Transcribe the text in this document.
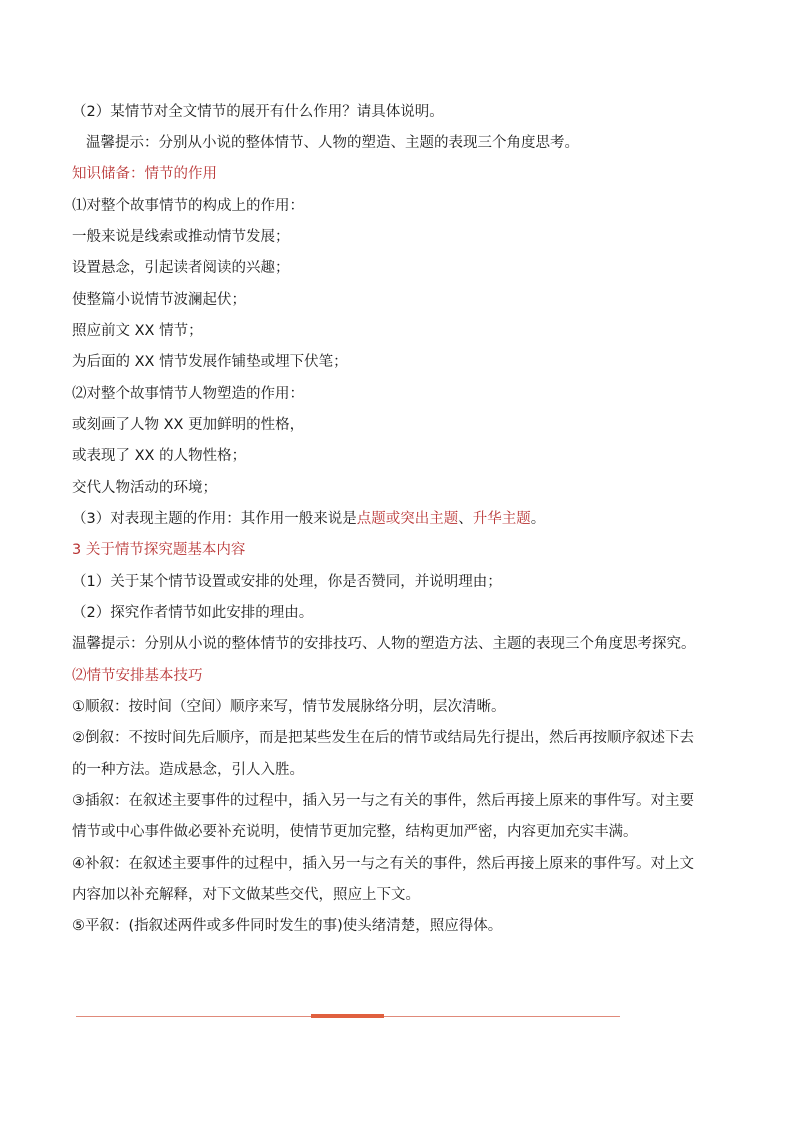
（2）某情节对全文情节的展开有什么作用？请具体说明。
温馨提示：分别从小说的整体情节、人物的塑造、主题的表现三个角度思考。
知识储备：情节的作用
⑴对整个故事情节的构成上的作用：
一般来说是线索或推动情节发展；
设置悬念，引起读者阅读的兴趣；
使整篇小说情节波澜起伏；
照应前文 XX 情节；
为后面的 XX 情节发展作铺垫或埋下伏笔；
⑵对整个故事情节人物塑造的作用：
或刻画了人物 XX 更加鲜明的性格，
或表现了 XX 的人物性格；
交代人物活动的环境；
（3）对表现主题的作用：其作用一般来说是点题或突出主题、升华主题。
3 关于情节探究题基本内容
（1）关于某个情节设置或安排的处理，你是否赞同，并说明理由；
（2）探究作者情节如此安排的理由。
温馨提示：分别从小说的整体情节的安排技巧、人物的塑造方法、主题的表现三个角度思考探究。
⑵情节安排基本技巧
①顺叙：按时间（空间）顺序来写，情节发展脉络分明，层次清晰。
②倒叙：不按时间先后顺序，而是把某些发生在后的情节或结局先行提出，然后再按顺序叙述下去
的一种方法。造成悬念，引人入胜。
③插叙：在叙述主要事件的过程中，插入另一与之有关的事件，然后再接上原来的事件写。对主要
情节或中心事件做必要补充说明，使情节更加完整，结构更加严密，内容更加充实丰满。
④补叙：在叙述主要事件的过程中，插入另一与之有关的事件，然后再接上原来的事件写。对上文
内容加以补充解释，对下文做某些交代，照应上下文。
⑤平叙：(指叙述两件或多件同时发生的事)使头绪清楚，照应得体。
